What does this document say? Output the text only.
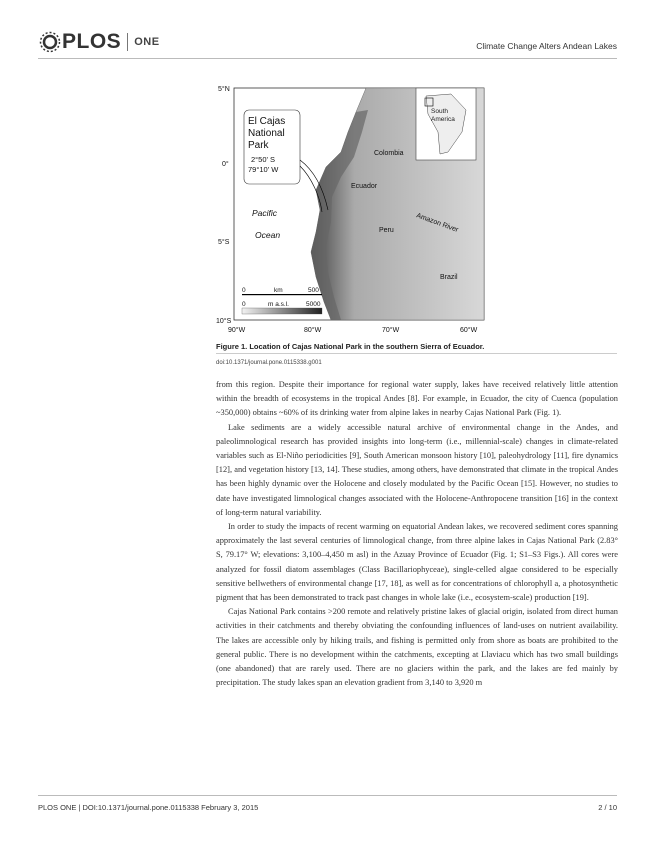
PLOS ONE	Climate Change Alters Andean Lakes
South
America
El Cajas
National
Park
2°50' S
79°10' W
Colombia
Ecuador
Peru
Brazil
Amazon River
Pacific
Ocean
0	km	500
0	m a.s.l.	5000
5°N
0°
5°S
10°S
90°W	80°W	70°W	60°W
Figure 1. Location of Cajas National Park in the southern Sierra of Ecuador.
doi:10.1371/journal.pone.0115338.g001

from this region. Despite their importance for regional water supply, lakes have received relatively little attention within the breadth of ecosystems in the tropical Andes [8]. For example, in Ecuador, the city of Cuenca (population ~350,000) obtains ~60% of its drinking water from alpine lakes in nearby Cajas National Park (Fig. 1).

Lake sediments are a widely accessible natural archive of environmental change in the Andes, and paleolimnological research has provided insights into long-term (i.e., millennial-scale) changes in climate-related variables such as El-Niño periodicities [9], South American monsoon history [10], paleohydrology [11], fire dynamics [12], and vegetation history [13, 14]. These studies, among others, have demonstrated that climate in the tropical Andes has been highly dynamic over the Holocene and closely modulated by the Pacific Ocean [15]. However, no studies to date have investigated limnological changes associated with the Holocene-Anthropocene transition [16] in the context of long-term natural variability.

In order to study the impacts of recent warming on equatorial Andean lakes, we recovered sediment cores spanning approximately the last several centuries of limnological change, from three alpine lakes in Cajas National Park (2.83° S, 79.17° W; elevations: 3,100–4,450 m asl) in the Azuay Province of Ecuador (Fig. 1; S1–S3 Figs.). All cores were analyzed for fossil diatom assemblages (Class Bacillariophyceae), single-celled algae considered to be especially sensitive bellwethers of environmental change [17, 18], as well as for concentrations of chlorophyll a, a photosynthetic pigment that has been demonstrated to track past changes in whole lake (i.e., ecosystem-scale) production [19].

Cajas National Park contains >200 remote and relatively pristine lakes of glacial origin, isolated from direct human activities in their catchments and thereby obviating the confounding influences of land-uses on nutrient availability. The lakes are accessible only by hiking trails, and fishing is permitted only from shore as boats are prohibited to the general public. There is no development within the catchments, excepting at Llaviacu which has two small buildings (one abandoned) that are rarely used. There are no glaciers within the park, and the lakes are fed mainly by precipitation. The study lakes span an elevation gradient from 3,140 to 3,920 m

PLOS ONE | DOI:10.1371/journal.pone.0115338 February 3, 2015	2 / 10
